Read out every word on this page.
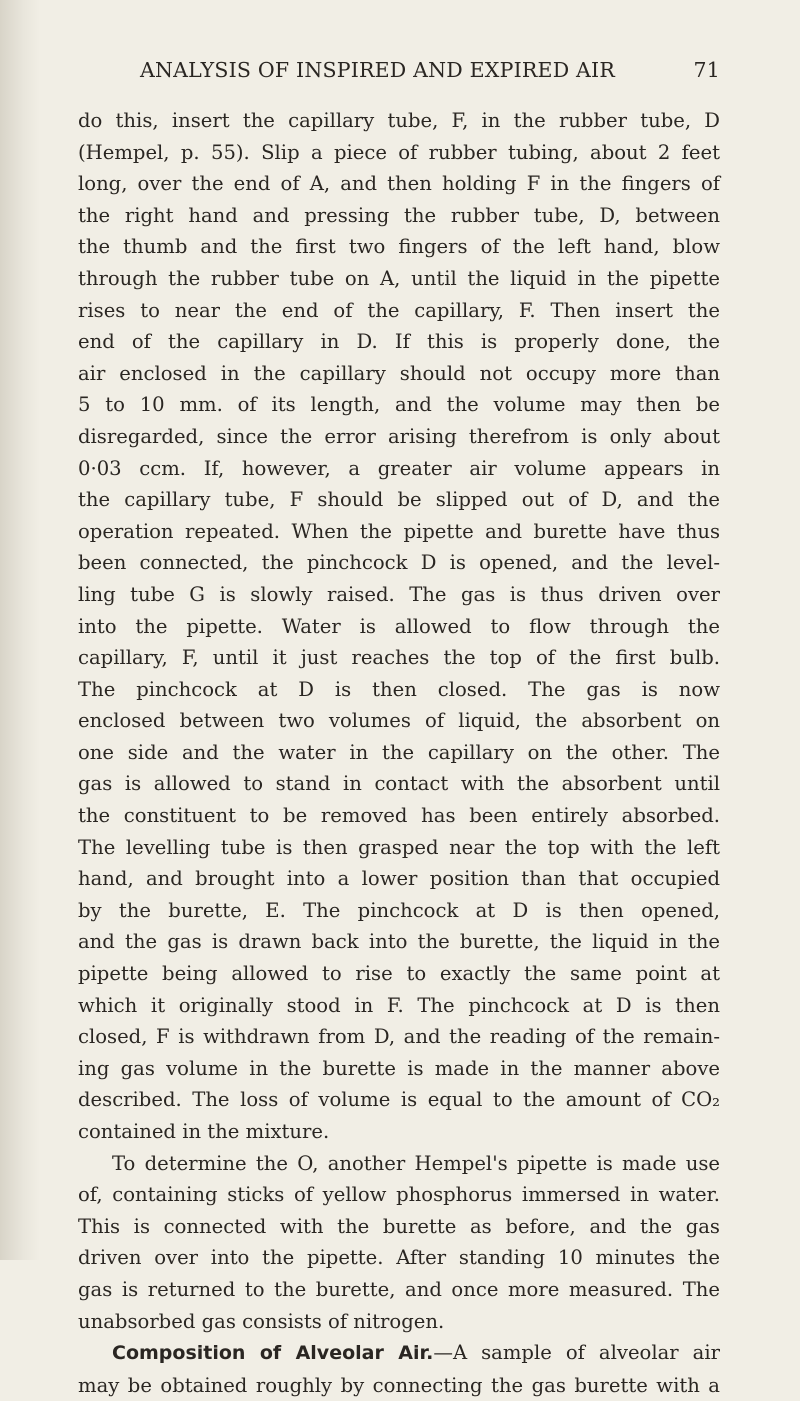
ANALYSIS OF INSPIRED AND EXPIRED AIR	71

do this, insert the capillary tube, F, in the rubber tube, D
(Hempel, p. 55). Slip a piece of rubber tubing, about 2 feet
long, over the end of A, and then holding F in the fingers of
the right hand and pressing the rubber tube, D, between
the thumb and the first two fingers of the left hand, blow
through the rubber tube on A, until the liquid in the pipette
rises to near the end of the capillary, F. Then insert the
end of the capillary in D. If this is properly done, the
air enclosed in the capillary should not occupy more than
5 to 10 mm. of its length, and the volume may then be
disregarded, since the error arising therefrom is only about
0·03 ccm. If, however, a greater air volume appears in
the capillary tube, F should be slipped out of D, and the
operation repeated. When the pipette and burette have thus
been connected, the pinchcock D is opened, and the level-
ling tube G is slowly raised. The gas is thus driven over
into the pipette. Water is allowed to flow through the
capillary, F, until it just reaches the top of the first bulb.
The pinchcock at D is then closed. The gas is now
enclosed between two volumes of liquid, the absorbent on
one side and the water in the capillary on the other. The
gas is allowed to stand in contact with the absorbent until
the constituent to be removed has been entirely absorbed.
The levelling tube is then grasped near the top with the left
hand, and brought into a lower position than that occupied
by the burette, E. The pinchcock at D is then opened,
and the gas is drawn back into the burette, the liquid in the
pipette being allowed to rise to exactly the same point at
which it originally stood in F. The pinchcock at D is then
closed, F is withdrawn from D, and the reading of the remain-
ing gas volume in the burette is made in the manner above
described. The loss of volume is equal to the amount of CO₂
contained in the mixture.

To determine the O, another Hempel's pipette is made use
of, containing sticks of yellow phosphorus immersed in water.
This is connected with the burette as before, and the gas
driven over into the pipette. After standing 10 minutes the
gas is returned to the burette, and once more measured. The
unabsorbed gas consists of nitrogen.

Composition of Alveolar Air.—A sample of alveolar air
may be obtained roughly by connecting the gas burette with a
